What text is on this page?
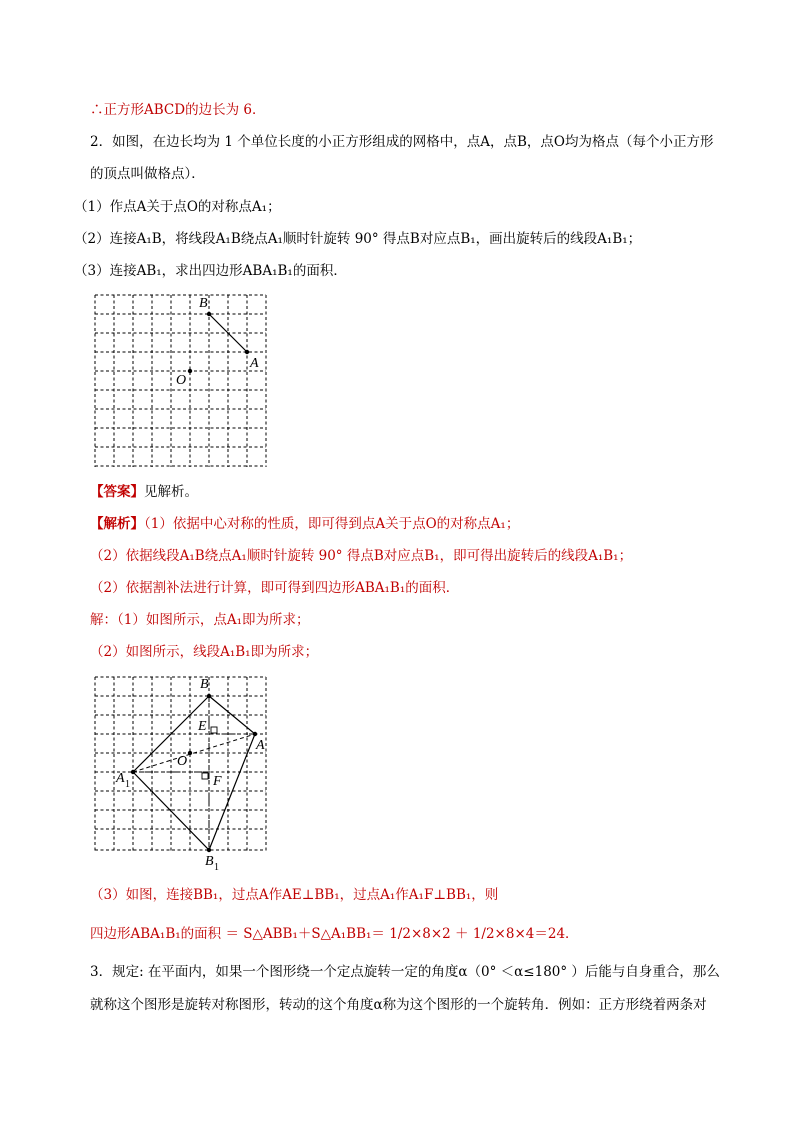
∴正方形ABCD的边长为 6．
2．如图，在边长均为 1 个单位长度的小正方形组成的网格中，点A，点B，点O均为格点（每个小正方形
的顶点叫做格点）．
（1）作点A关于点O的对称点A₁；
（2）连接A₁B，将线段A₁B绕点A₁顺时针旋转 90° 得点B对应点B₁，画出旋转后的线段A₁B₁；
（3）连接AB₁，求出四边形ABA₁B₁的面积．
B
A
O
【答案】见解析。
【解析】（1）依据中心对称的性质，即可得到点A关于点O的对称点A₁；
（2）依据线段A₁B绕点A₁顺时针旋转 90° 得点B对应点B₁，即可得出旋转后的线段A₁B₁；
（2）依据割补法进行计算，即可得到四边形ABA₁B₁的面积．
解：（1）如图所示，点A₁即为所求；
（2）如图所示，线段A₁B₁即为所求；
B
A
O
E
F
A 1
B 1
（3）如图，连接BB₁，过点A作AE⊥BB₁，过点A₁作A₁F⊥BB₁，则
四边形ABA₁B₁的面积 ＝ S△ABB₁＋S△A₁BB₁＝ 1/2×8×2 ＋ 1/2×8×4＝24．
3．规定: 在平面内，如果一个图形绕一个定点旋转一定的角度α（0° ＜α≤180° ）后能与自身重合，那么
就称这个图形是旋转对称图形，转动的这个角度α称为这个图形的一个旋转角．例如：正方形绕着两条对
